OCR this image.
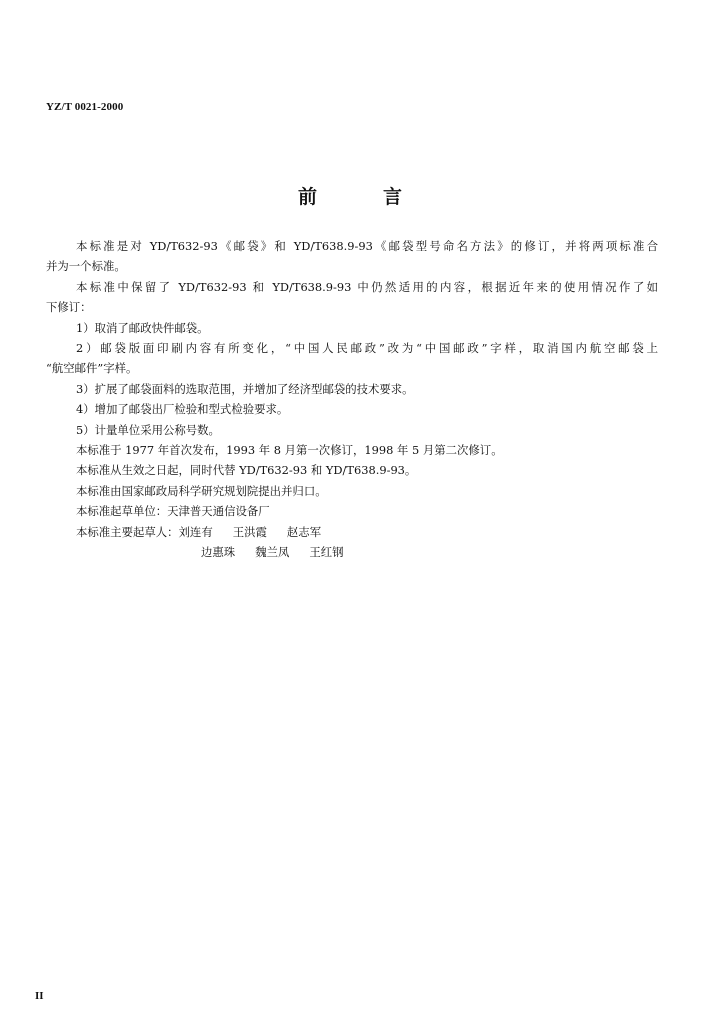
YZ/T 0021-2000
前	言

本标准是对 YD/T632-93《邮袋》和 YD/T638.9-93《邮袋型号命名方法》的修订，并将两项标准合

并为一个标准。

本标准中保留了 YD/T632-93 和 YD/T638.9-93 中仍然适用的内容，根据近年来的使用情况作了如

下修订：

1）取消了邮政快件邮袋。

2）邮袋版面印刷内容有所变化，“中国人民邮政”改为“中国邮政”字样，取消国内航空邮袋上

“航空邮件”字样。

3）扩展了邮袋面料的选取范围，并增加了经济型邮袋的技术要求。

4）增加了邮袋出厂检验和型式检验要求。

5）计量单位采用公称号数。

本标准于 1977 年首次发布，1993 年 8 月第一次修订，1998 年 5 月第二次修订。

本标准从生效之日起，同时代替 YD/T632-93 和 YD/T638.9-93。

本标准由国家邮政局科学研究规划院提出并归口。

本标准起草单位：天津普天通信设备厂

本标准主要起草人：刘连有 王洪霞 赵志军

边惠珠 魏兰凤 王红钢

II
